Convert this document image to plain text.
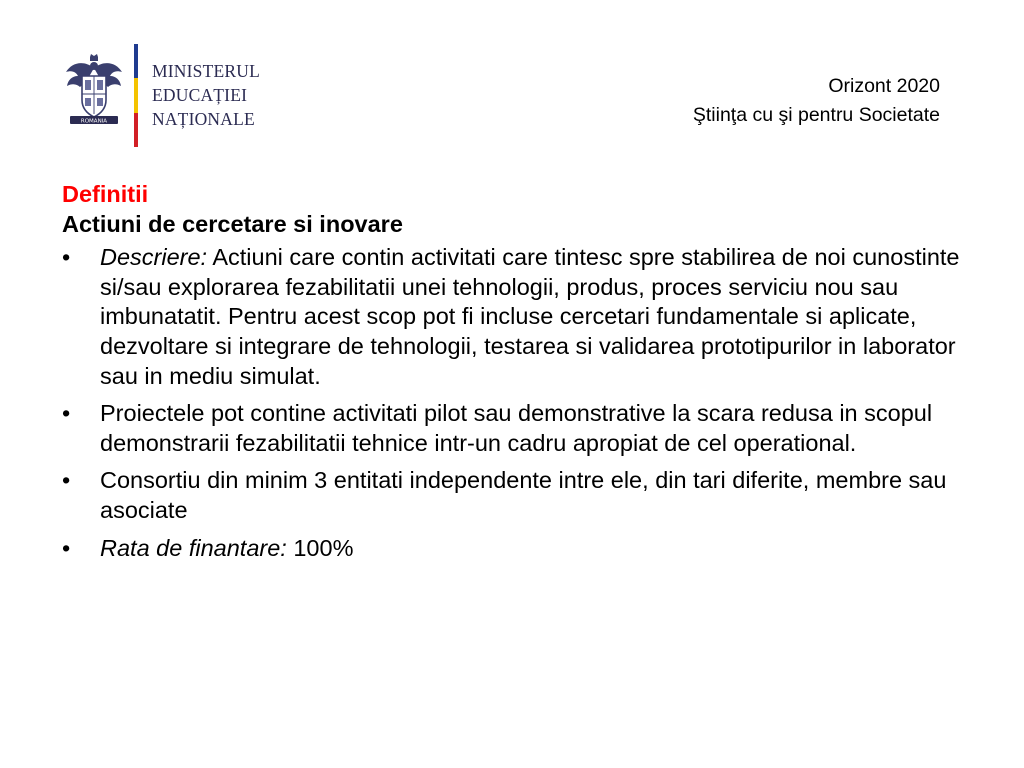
ROMANIA
MINISTERUL
EDUCAȚIEI
NAȚIONALE
Orizont 2020
Ştiinţa cu şi pentru Societate

Definitii

Actiuni de cercetare si inovare

• Descriere: Actiuni care contin activitati care tintesc spre stabilirea de noi cunostinte si/sau explorarea fezabilitatii unei tehnologii, produs, proces serviciu nou sau imbunatatit. Pentru acest scop pot fi incluse cercetari fundamentale si aplicate, dezvoltare si integrare de tehnologii, testarea si validarea prototipurilor in laborator sau in mediu simulat.
• Proiectele pot contine activitati pilot sau demonstrative la scara redusa in scopul demonstrarii fezabilitatii tehnice intr-un cadru apropiat de cel operational.
• Consortiu din minim 3 entitati independente intre ele, din tari diferite, membre sau asociate
• Rata de finantare: 100%
